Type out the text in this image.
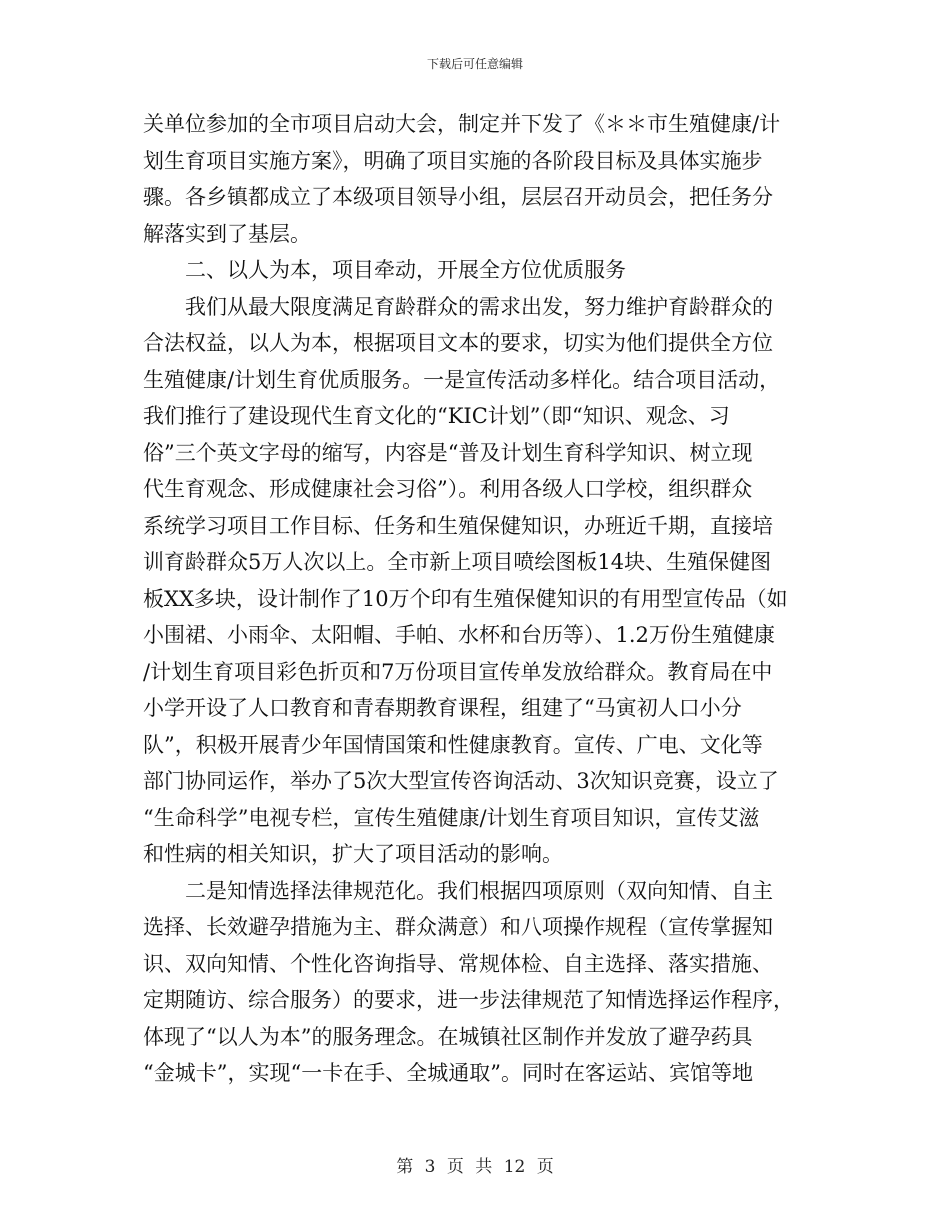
下载后可任意编辑
关单位参加的全市项目启动大会，制定并下发了《＊＊市生殖健康/计
划生育项目实施方案》，明确了项目实施的各阶段目标及具体实施步
骤。各乡镇都成立了本级项目领导小组，层层召开动员会，把任务分
解落实到了基层。
　　二、以人为本，项目牵动，开展全方位优质服务
　　我们从最大限度满足育龄群众的需求出发，努力维护育龄群众的
合法权益，以人为本，根据项目文本的要求，切实为他们提供全方位
生殖健康/计划生育优质服务。一是宣传活动多样化。结合项目活动，
我们推行了建设现代生育文化的“KIC计划”（即“知识、观念、习
俗”三个英文字母的缩写，内容是“普及计划生育科学知识、树立现
代生育观念、形成健康社会习俗”）。利用各级人口学校，组织群众
系统学习项目工作目标、任务和生殖保健知识，办班近千期，直接培
训育龄群众5万人次以上。全市新上项目喷绘图板14块、生殖保健图
板XX多块，设计制作了10万个印有生殖保健知识的有用型宣传品（如
小围裙、小雨伞、太阳帽、手帕、水杯和台历等）、1.2万份生殖健康
/计划生育项目彩色折页和7万份项目宣传单发放给群众。教育局在中
小学开设了人口教育和青春期教育课程，组建了“马寅初人口小分
队”，积极开展青少年国情国策和性健康教育。宣传、广电、文化等
部门协同运作，举办了5次大型宣传咨询活动、3次知识竞赛，设立了
“生命科学”电视专栏，宣传生殖健康/计划生育项目知识，宣传艾滋
和性病的相关知识，扩大了项目活动的影响。
　　二是知情选择法律规范化。我们根据四项原则（双向知情、自主
选择、长效避孕措施为主、群众满意）和八项操作规程（宣传掌握知
识、双向知情、个性化咨询指导、常规体检、自主选择、落实措施、
定期随访、综合服务）的要求，进一步法律规范了知情选择运作程序，
体现了“以人为本”的服务理念。在城镇社区制作并发放了避孕药具
“金城卡”，实现“一卡在手、全城通取”。同时在客运站、宾馆等地
第 3 页 共 12 页
